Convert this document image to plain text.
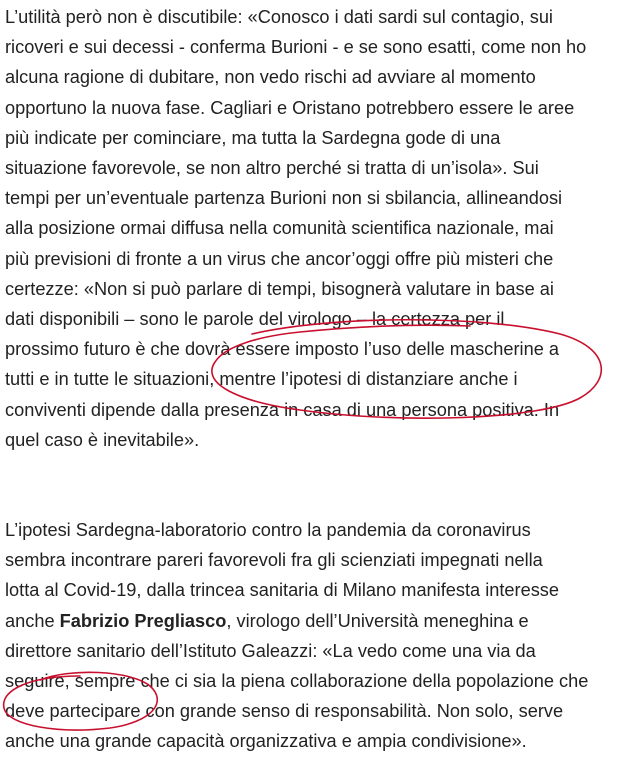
L’utilità però non è discutibile: «Conosco i dati sardi sul contagio, sui
ricoveri e sui decessi - conferma Burioni - e se sono esatti, come non ho
alcuna ragione di dubitare, non vedo rischi ad avviare al momento
opportuno la nuova fase. Cagliari e Oristano potrebbero essere le aree
più indicate per cominciare, ma tutta la Sardegna gode di una
situazione favorevole, se non altro perché si tratta di un’isola». Sui
tempi per un’eventuale partenza Burioni non si sbilancia, allineandosi
alla posizione ormai diffusa nella comunità scientifica nazionale, mai
più previsioni di fronte a un virus che ancor’oggi offre più misteri che
certezze: «Non si può parlare di tempi, bisognerà valutare in base ai
dati disponibili – sono le parole del virologo – la certezza per il
prossimo futuro è che dovrà essere imposto l’uso delle mascherine a
tutti e in tutte le situazioni, mentre l’ipotesi di distanziare anche i
conviventi dipende dalla presenza in casa di una persona positiva. In
quel caso è inevitabile».

L’ipotesi Sardegna-laboratorio contro la pandemia da coronavirus
sembra incontrare pareri favorevoli fra gli scienziati impegnati nella
lotta al Covid-19, dalla trincea sanitaria di Milano manifesta interesse
anche Fabrizio Pregliasco, virologo dell’Università meneghina e
direttore sanitario dell’Istituto Galeazzi: «La vedo come una via da
seguire, sempre che ci sia la piena collaborazione della popolazione che
deve partecipare con grande senso di responsabilità. Non solo, serve
anche una grande capacità organizzativa e ampia condivisione».
